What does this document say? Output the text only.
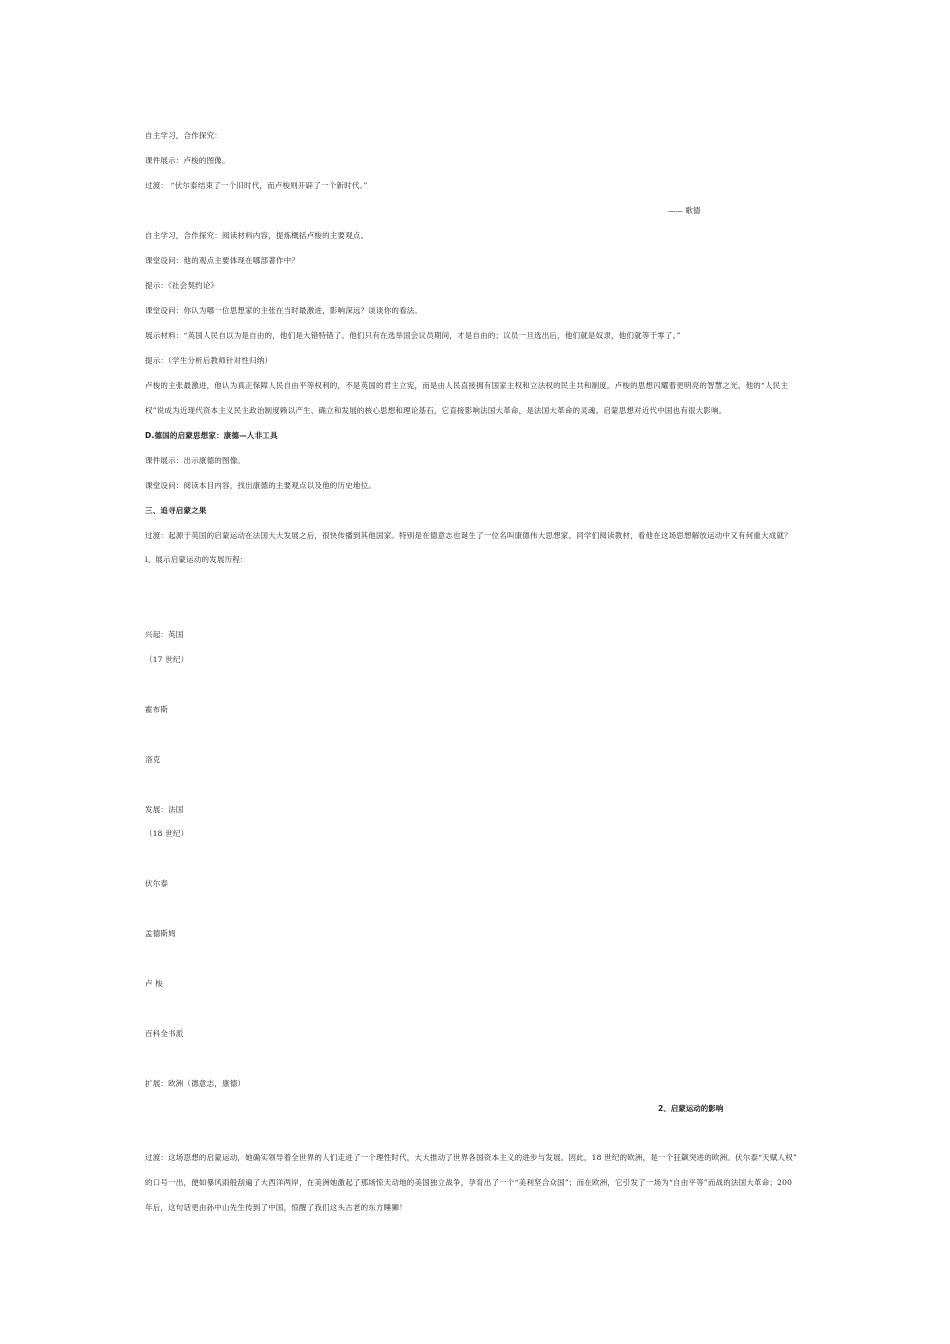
自主学习，合作探究：
课件展示：卢梭的图像。
过渡： “伏尔泰结束了一个旧时代，而卢梭则开辟了一个新时代。”
—— 歌德
自主学习，合作探究：阅读材料内容，提炼概括卢梭的主要观点。
课堂设问：他的观点主要体现在哪部著作中？
提示：《社会契约论》
课堂设问：你认为哪一位思想家的主张在当时最激进，影响深远？谈谈你的看法。
展示材料：“英国人民自以为是自由的，他们是大错特错了。他们只有在选举国会议员期间，才是自由的；议员一旦选出后，他们就是奴隶，他们就等于零了。”
提示：（学生分析后教师针对性归纳）
卢梭的主张最激进，他认为真正保障人民自由平等权利的，不是英国的君主立宪，而是由人民直接拥有国家主权和立法权的民主共和制度。卢梭的思想闪耀着更明亮的智慧之光，他的“人民主
权”说成为近现代资本主义民主政治制度赖以产生、确立和发展的核心思想和理论基石，它直接影响法国大革命，是法国大革命的灵魂。启蒙思想对近代中国也有很大影响。
D.德国的启蒙思想家：康德—人非工具
课件展示：出示康德的图像。
课堂设问：阅读本目内容，找出康德的主要观点以及他的历史地位。
三、追寻启蒙之果
过渡：起源于英国的启蒙运动在法国大大发展之后，很快传播到其他国家。特别是在德意志也诞生了一位名叫康德伟大思想家。同学们阅读教材，看他在这场思想解放运动中又有何重大成就？
l、展示启蒙运动的发展历程：
兴起：英国
（17 世纪）
霍布斯
洛克
发展：法国
（18 世纪）
伏尔泰
孟德斯鸠
卢 梭
百科全书派
扩展：欧洲（德意志，康德）
2、启蒙运动的影响
过渡：这场思想的启蒙运动，她确实领导着全世界的人们走进了一个理性时代，大大推动了世界各国资本主义的进步与发展。因此，18 世纪的欧洲，是一个狂飙突进的欧洲。伏尔泰“天赋人权”
的口号一出，便如暴风雨般刮遍了大西洋两岸，在美洲她激起了那场惊天动地的美国独立战争，孕育出了一个“美利坚合众国”；而在欧洲，它引发了一场为“自由平等”而战的法国大革命；200
年后，这句话更由孙中山先生传到了中国，惊醒了我们这头古老的东方睡狮！
